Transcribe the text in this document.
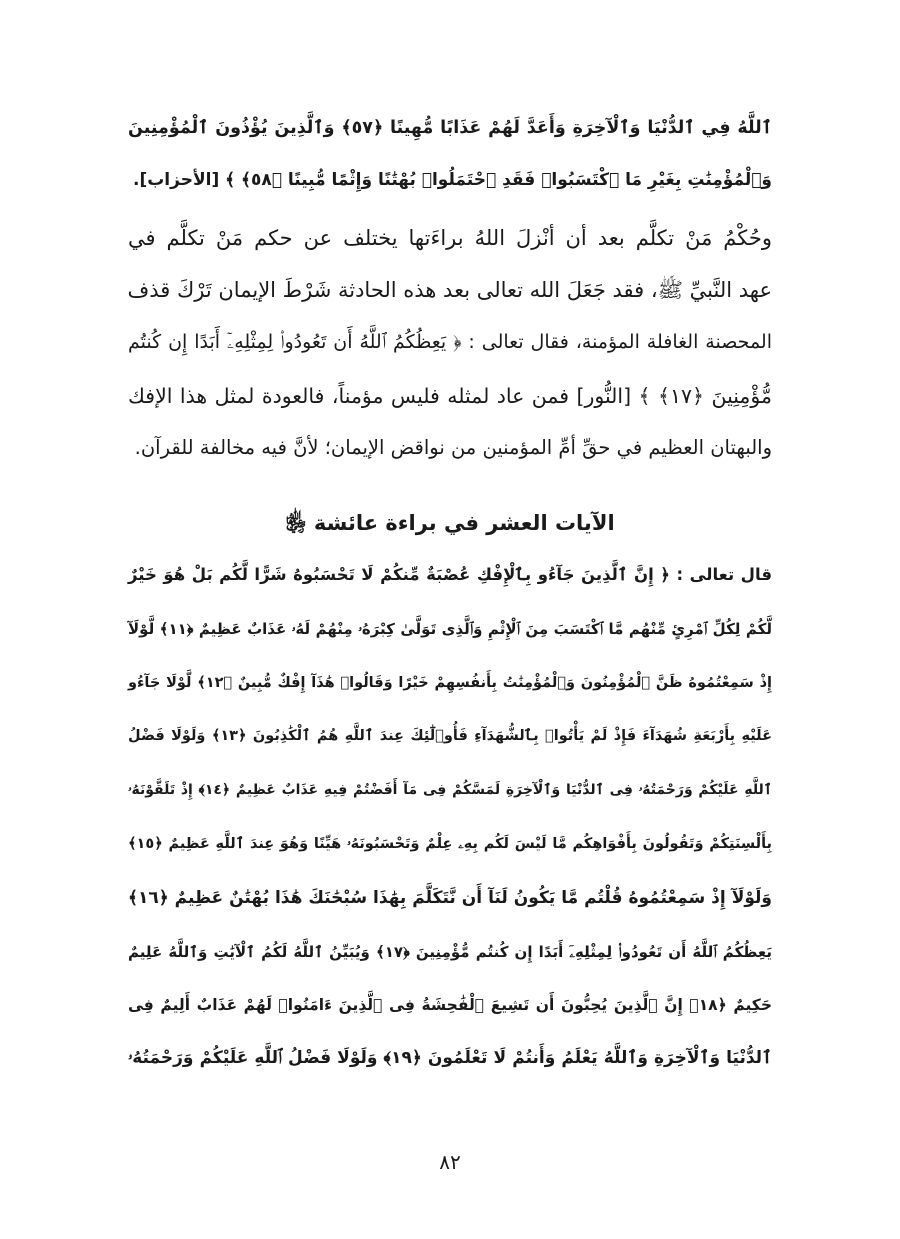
ٱللَّهُ فِي ٱلدُّنْيَا وَٱلْآخِرَةِ وَأَعَدَّ لَهُمْ عَذَابًا مُّهِينًا ﴿٥٧﴾ وَٱلَّذِينَ يُؤْذُونَ ٱلْمُؤْمِنِينَ
وَٱلْمُؤْمِنَٰتِ بِغَيْرِ مَا ٱكْتَسَبُوا۟ فَقَدِ ٱحْتَمَلُوا۟ بُهْتَٰنًا وَإِثْمًا مُّبِينًا ﴿٥٨﴾ ﴾ [الأحزاب].
وحُكْمُ مَنْ تكلَّم بعد أن أنْزلَ اللهُ براءَتها يختلف عن حكم مَنْ تكلَّم في
عهد النَّبيِّ ﷺ، فقد جَعَلَ الله تعالى بعد هذه الحادثة شَرْطَ الإيمان تَرْكَ قذف
المحصنة الغافلة المؤمنة، فقال تعالى : ﴿ يَعِظُكُمُ ٱللَّهُ أَن تَعُودُوا۟ لِمِثْلِهِۦٓ أَبَدًا إِن كُنتُم
مُّؤْمِنِينَ ﴿١٧﴾ ﴾ [النُّور] فمن عاد لمثله فليس مؤمناً، فالعودة لمثل هذا الإفك
والبهتان العظيم في حقِّ أمِّ المؤمنين من نواقض الإيمان؛ لأنَّ فيه مخالفة للقرآن.
الآيات العشر في براءة عائشة ﵂
قال تعالى : ﴿ إِنَّ ٱلَّذِينَ جَآءُو بِٱلْإِفْكِ عُصْبَةٌ مِّنكُمْ لَا تَحْسَبُوهُ شَرًّا لَّكُم بَلْ هُوَ خَيْرٌ
لَّكُمْ لِكُلِّ ٱمْرِئٍ مِّنْهُم مَّا ٱكْتَسَبَ مِنَ ٱلْإِثْمِ وَٱلَّذِى تَوَلَّىٰ كِبْرَهُۥ مِنْهُمْ لَهُۥ عَذَابٌ عَظِيمٌ ﴿١١﴾ لَّوْلَآ
إِذْ سَمِعْتُمُوهُ ظَنَّ ٱلْمُؤْمِنُونَ وَٱلْمُؤْمِنَٰتُ بِأَنفُسِهِمْ خَيْرًا وَقَالُوا۟ هَٰذَآ إِفْكٌ مُّبِينٌ ﴿١٢﴾ لَّوْلَا جَآءُو
عَلَيْهِ بِأَرْبَعَةِ شُهَدَآءَ فَإِذْ لَمْ يَأْتُوا۟ بِٱلشُّهَدَآءِ فَأُو۟لَٰٓئِكَ عِندَ ٱللَّهِ هُمُ ٱلْكَٰذِبُونَ ﴿١٣﴾ وَلَوْلَا فَضْلُ
ٱللَّهِ عَلَيْكُمْ وَرَحْمَتُهُۥ فِى ٱلدُّنْيَا وَٱلْآخِرَةِ لَمَسَّكُمْ فِى مَآ أَفَضْتُمْ فِيهِ عَذَابٌ عَظِيمٌ ﴿١٤﴾ إِذْ تَلَقَّوْنَهُۥ
بِأَلْسِنَتِكُمْ وَتَقُولُونَ بِأَفْوَاهِكُم مَّا لَيْسَ لَكُم بِهِۦ عِلْمٌ وَتَحْسَبُونَهُۥ هَيِّنًا وَهُوَ عِندَ ٱللَّهِ عَظِيمٌ ﴿١٥﴾
وَلَوْلَآ إِذْ سَمِعْتُمُوهُ قُلْتُم مَّا يَكُونُ لَنَآ أَن نَّتَكَلَّمَ بِهَٰذَا سُبْحَٰنَكَ هَٰذَا بُهْتَٰنٌ عَظِيمٌ ﴿١٦﴾
يَعِظُكُمُ ٱللَّهُ أَن تَعُودُوا۟ لِمِثْلِهِۦٓ أَبَدًا إِن كُنتُم مُّؤْمِنِينَ ﴿١٧﴾ وَيُبَيِّنُ ٱللَّهُ لَكُمُ ٱلْآيَٰتِ وَٱللَّهُ عَلِيمٌ
حَكِيمٌ ﴿١٨﴾ إِنَّ ٱلَّذِينَ يُحِبُّونَ أَن تَشِيعَ ٱلْفَٰحِشَةُ فِى ٱلَّذِينَ ءَامَنُوا۟ لَهُمْ عَذَابٌ أَلِيمٌ فِى
ٱلدُّنْيَا وَٱلْآخِرَةِ وَٱللَّهُ يَعْلَمُ وَأَنتُمْ لَا تَعْلَمُونَ ﴿١٩﴾ وَلَوْلَا فَضْلُ ٱللَّهِ عَلَيْكُمْ وَرَحْمَتُهُۥ
٨٢
